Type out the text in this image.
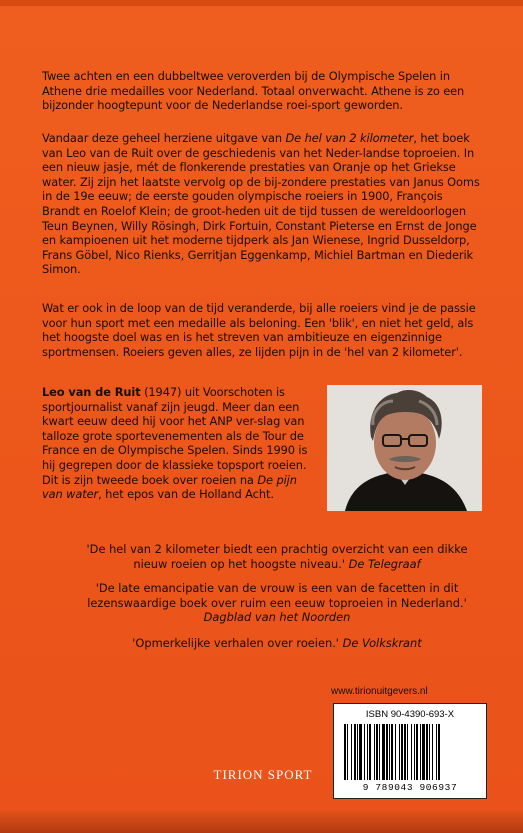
Twee achten en een dubbeltwee veroverden bij de Olympische Spelen in Athene drie medailles voor Nederland. Totaal onverwacht. Athene is zo een bijzonder hoogtepunt voor de Nederlandse roei-sport geworden.
Vandaar deze geheel herziene uitgave van De hel van 2 kilometer, het boek van Leo van de Ruit over de geschiedenis van het Neder-landse toproeien. In een nieuw jasje, mét de flonkerende prestaties van Oranje op het Griekse water. Zij zijn het laatste vervolg op de bij-zondere prestaties van Janus Ooms in de 19e eeuw; de eerste gouden olympische roeiers in 1900, François Brandt en Roelof Klein; de groot-heden uit de tijd tussen de wereldoorlogen Teun Beynen, Willy Rösingh, Dirk Fortuin, Constant Pieterse en Ernst de Jonge en kampioenen uit het moderne tijdperk als Jan Wienese, Ingrid Dusseldorp, Frans Göbel, Nico Rienks, Gerritjan Eggenkamp, Michiel Bartman en Diederik Simon.
Wat er ook in de loop van de tijd veranderde, bij alle roeiers vind je de passie voor hun sport met een medaille als beloning. Een 'blik', en niet het geld, als het hoogste doel was en is het streven van ambitieuze en eigenzinnige sportmensen. Roeiers geven alles, ze lijden pijn in de 'hel van 2 kilometer'.
Leo van de Ruit (1947) uit Voorschoten is sportjournalist vanaf zijn jeugd. Meer dan een kwart eeuw deed hij voor het ANP ver-slag van talloze grote sportevenementen als de Tour de France en de Olympische Spelen. Sinds 1990 is hij gegrepen door de klassieke topsport roeien. Dit is zijn tweede boek over roeien na De pijn van water, het epos van de Holland Acht.
'De hel van 2 kilometer biedt een prachtig overzicht van een dikke nieuw roeien op het hoogste niveau.' De Telegraaf
'De late emancipatie van de vrouw is een van de facetten in dit lezenswaardige boek over ruim een eeuw toproeien in Nederland.' Dagblad van het Noorden
'Opmerkelijke verhalen over roeien.' De Volkskrant
www.tirionuitgevers.nl
ISBN 90-4390-693-X
9 789043 906937
TIRION SPORT
